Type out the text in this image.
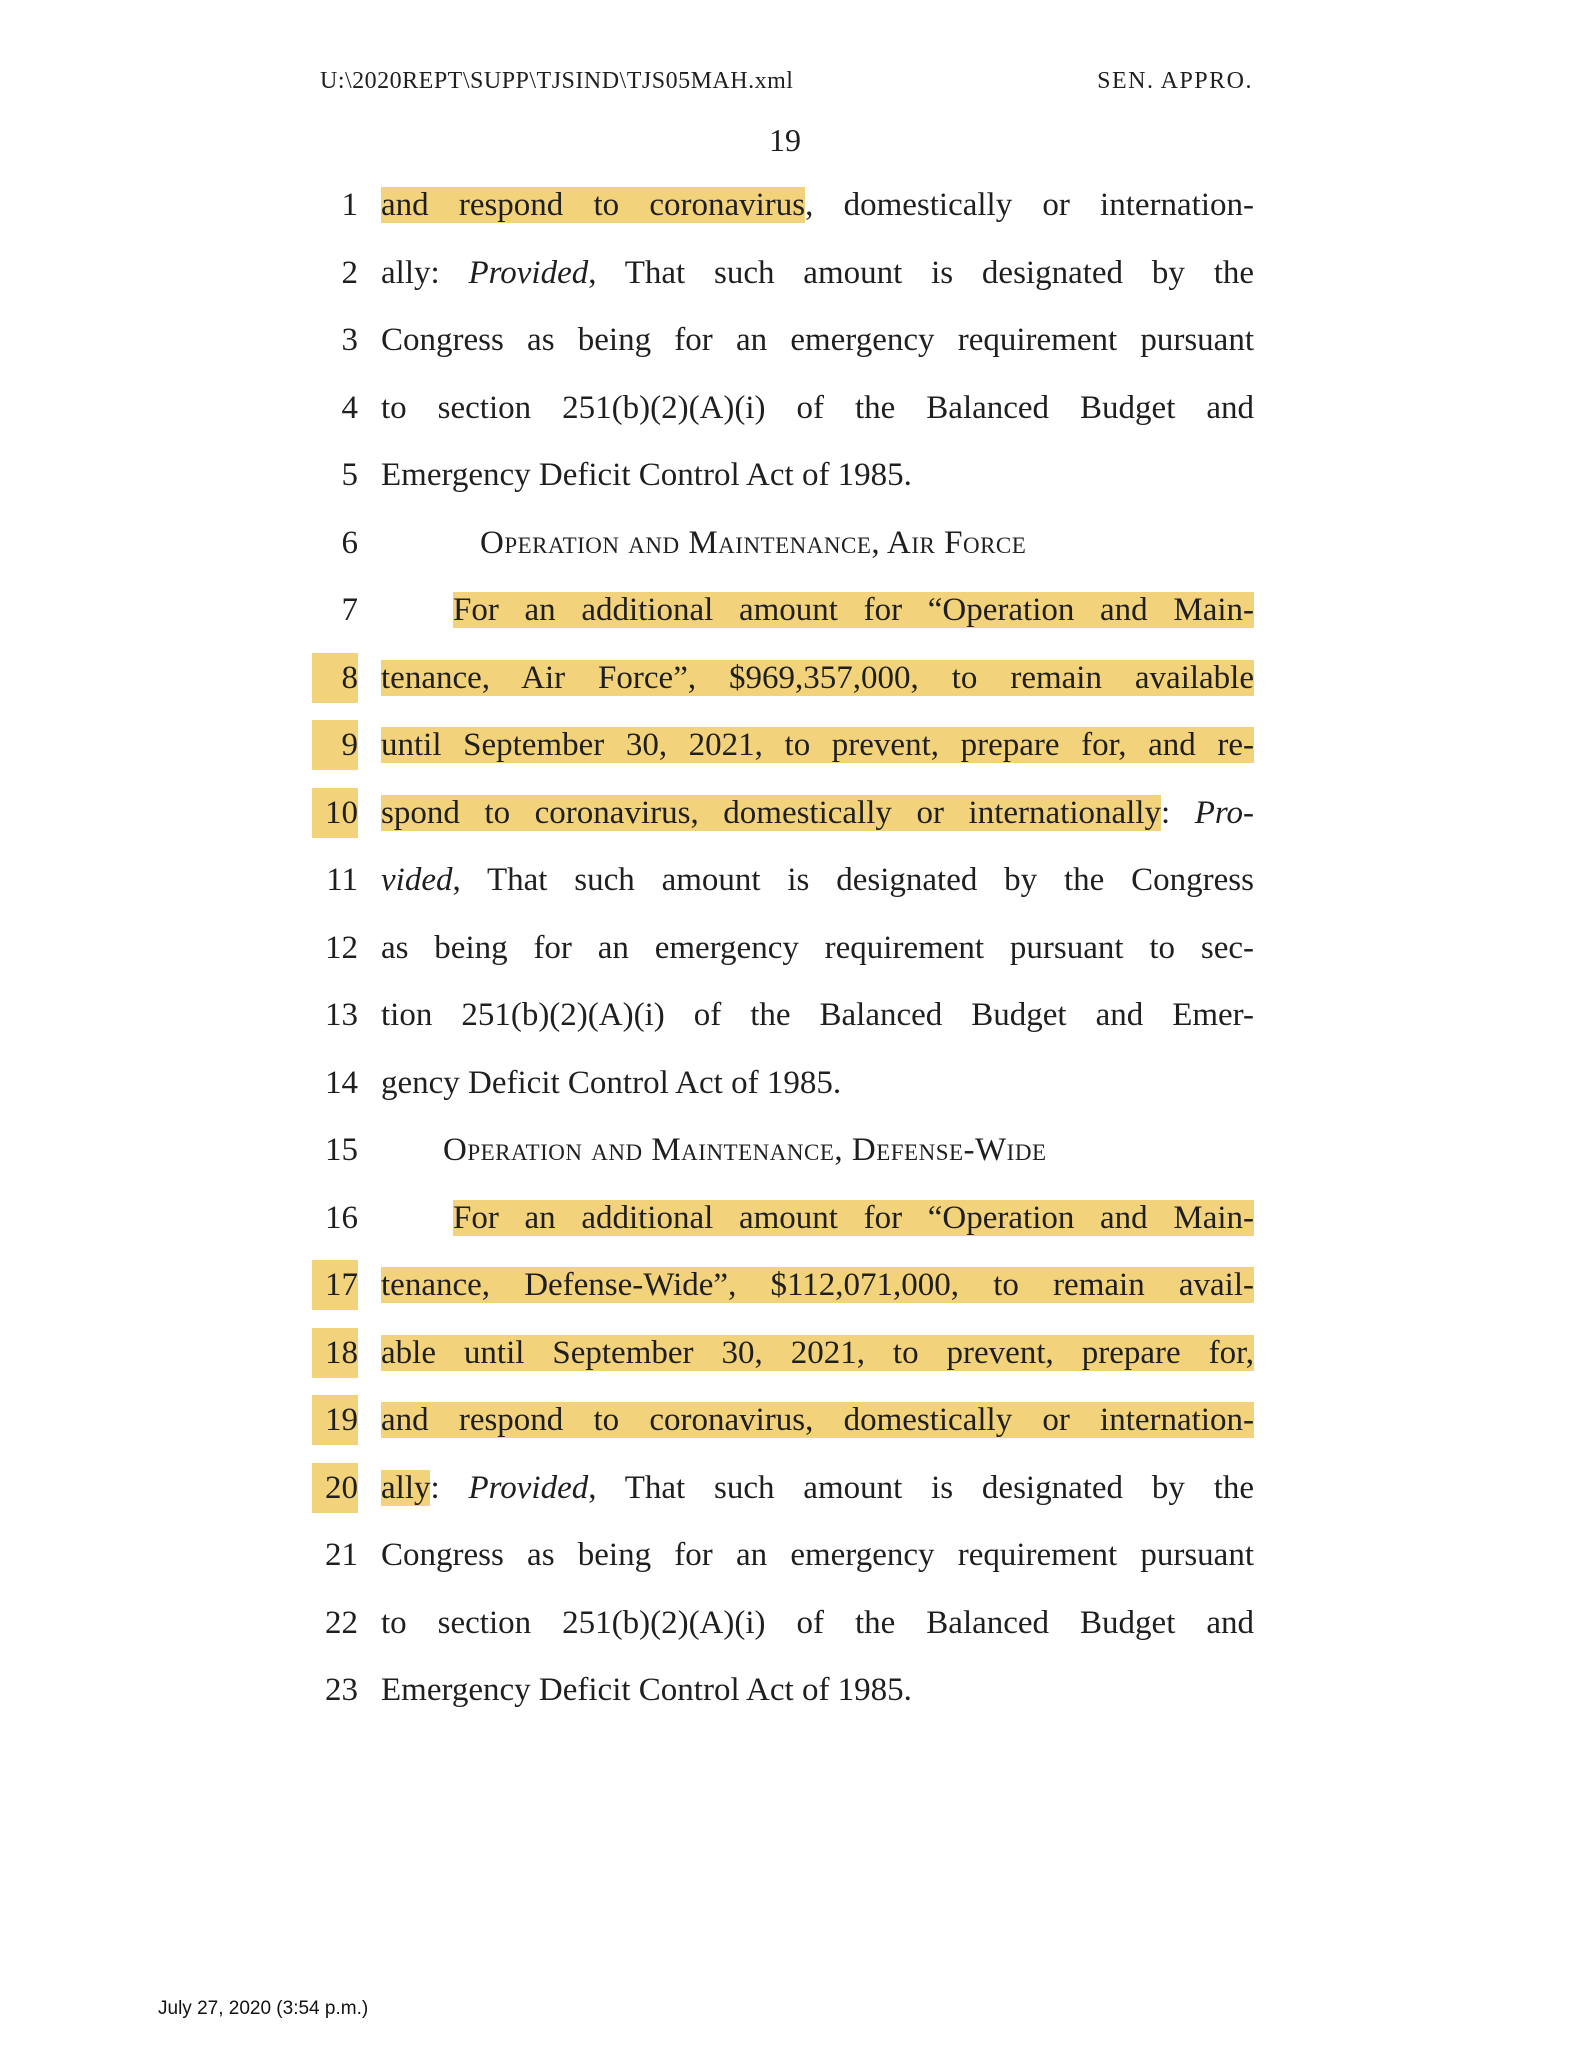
U:\2020REPT\SUPP\TJSIND\TJS05MAH.xml	SEN. APPRO.
19
1 and respond to coronavirus, domestically or internation-
2 ally: Provided, That such amount is designated by the
3 Congress as being for an emergency requirement pursuant
4 to section 251(b)(2)(A)(i) of the Balanced Budget and
5 Emergency Deficit Control Act of 1985.
6	Operation and Maintenance, Air Force
7	For an additional amount for “Operation and Main-
8 tenance, Air Force”, $969,357,000, to remain available
9 until September 30, 2021, to prevent, prepare for, and re-
10 spond to coronavirus, domestically or internationally: Pro-
11 vided, That such amount is designated by the Congress
12 as being for an emergency requirement pursuant to sec-
13 tion 251(b)(2)(A)(i) of the Balanced Budget and Emer-
14 gency Deficit Control Act of 1985.
15	Operation and Maintenance, Defense-Wide
16	For an additional amount for “Operation and Main-
17 tenance, Defense-Wide”, $112,071,000, to remain avail-
18 able until September 30, 2021, to prevent, prepare for,
19 and respond to coronavirus, domestically or internation-
20 ally: Provided, That such amount is designated by the
21 Congress as being for an emergency requirement pursuant
22 to section 251(b)(2)(A)(i) of the Balanced Budget and
23 Emergency Deficit Control Act of 1985.
July 27, 2020 (3:54 p.m.)
